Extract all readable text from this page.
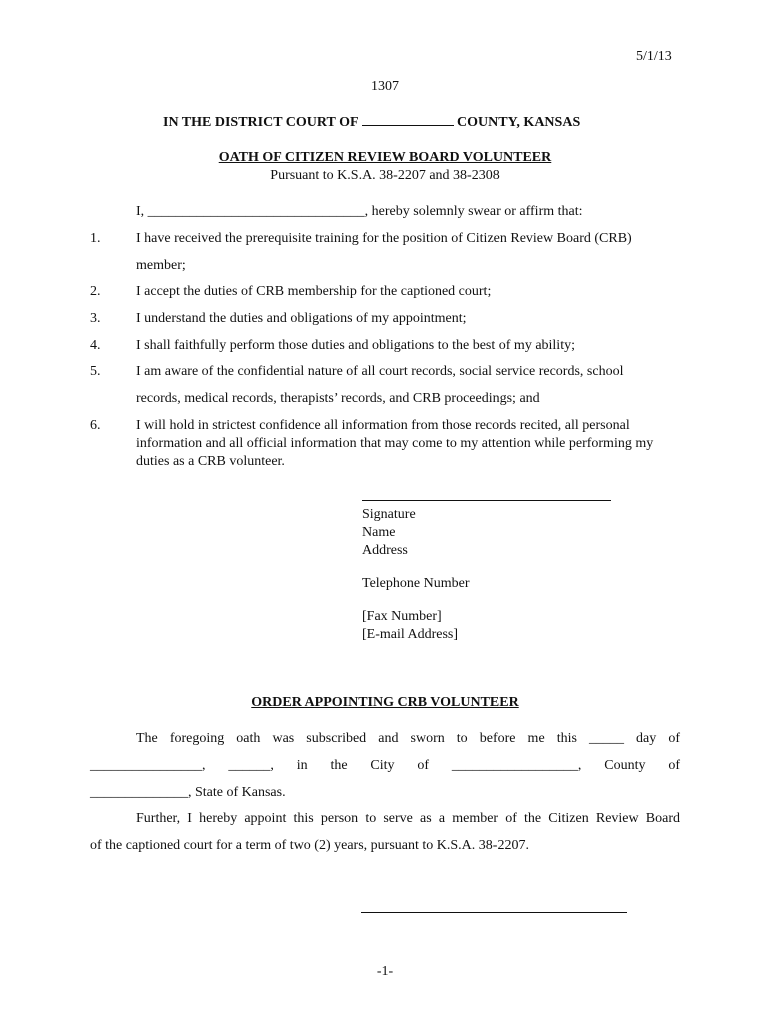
5/1/13
1307
IN THE DISTRICT COURT OF	COUNTY, KANSAS
OATH OF CITIZEN REVIEW BOARD VOLUNTEER
Pursuant to K.S.A. 38-2207 and 38-2308
I, _______________________________, hereby solemnly swear or affirm that:
1.	I have received the prerequisite training for the position of Citizen Review Board (CRB)
member;
2.	I accept the duties of CRB membership for the captioned court;
3.	I understand the duties and obligations of my appointment;
4.	I shall faithfully perform those duties and obligations to the best of my ability;
5.	I am aware of the confidential nature of all court records, social service records, school
records, medical records, therapists’ records, and CRB proceedings; and
6.	I will hold in strictest confidence all information from those records recited, all personal information and all official information that may come to my attention while performing my duties as a CRB volunteer.
Signature
Name
Address
Telephone Number
[Fax Number]
[E-mail Address]
ORDER APPOINTING CRB VOLUNTEER
The foregoing oath was subscribed and sworn to before me this _____ day of
________________, ______, in the City of __________________, County of
______________, State of Kansas.
Further, I hereby appoint this person to serve as a member of the Citizen Review Board
of the captioned court for a term of two (2) years, pursuant to K.S.A. 38-2207.
-1-
